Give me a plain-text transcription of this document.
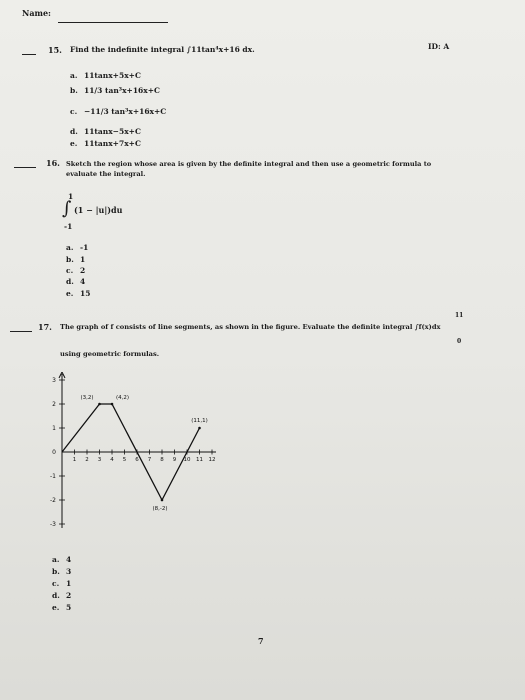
Name:
ID: A
15. Find the indefinite integral ∫11tan⁴x+16 dx.
a. 11tanx+5x+C
b. 11/3 tan³x+16x+C
c. −11/3 tan³x+16x+C
d. 11tanx−5x+C
e. 11tanx+7x+C
16. Sketch the region whose area is given by the definite integral and then use a geometric formula to
evaluate the integral.
1
∫ (1 − |u|)du
-1
a. -1
b. 1
c. 2
d. 4
e. 15
17. The graph of f consists of line segments, as shown in the figure. Evaluate the definite integral ∫f(x)dx
11
0
using geometric formulas.
1 2 3 4 5 6 7 8 9 10 11 12
3
2
1
-1
-2
-3
0
(3,2)	(4,2)
(8,-2)
(11,1)
a. 4
b. 3
c. 1
d. 2
e. 5
7
